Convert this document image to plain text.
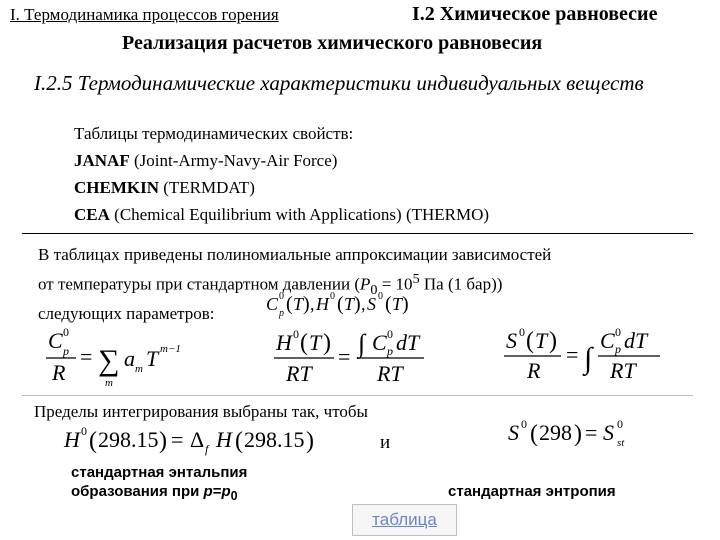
I. Термодинамика процессов горения	I.2 Химическое равновесие
Реализация расчетов химического равновесия
I.2.5 Термодинамические характеристики индивидуальных веществ
Таблицы термодинамических свойств:
JANAF (Joint-Army-Navy-Air Force)
CHEMKIN (TERMDAT)
CEA (Chemical Equilibrium with Applications) (THERMO)
В таблицах приведены полиномиальные аппроксимации зависимостей
от температуры при стандартном давлении ($P_0 = 10^5$ Па (1 бар))
следующих параметров:	C 0
p ( T ) , H 0 ( T ) , S 0 ( T )
C 0
p
R
= ∑
m
a m T m−1	H 0 ( T )
RT
= ∫ C 0
p dT
RT
S 0 ( T )
R
= ∫
C 0
p dT
RT
H 0 ( 298.15 ) = Δ f H ( 298.15 )	S 0 ( 298 ) = S 0
st
Пределы интегрирования выбраны так, чтобы
и
стандартная энтальпия
образования при $p=p_0$	стандартная энтропия
таблица
